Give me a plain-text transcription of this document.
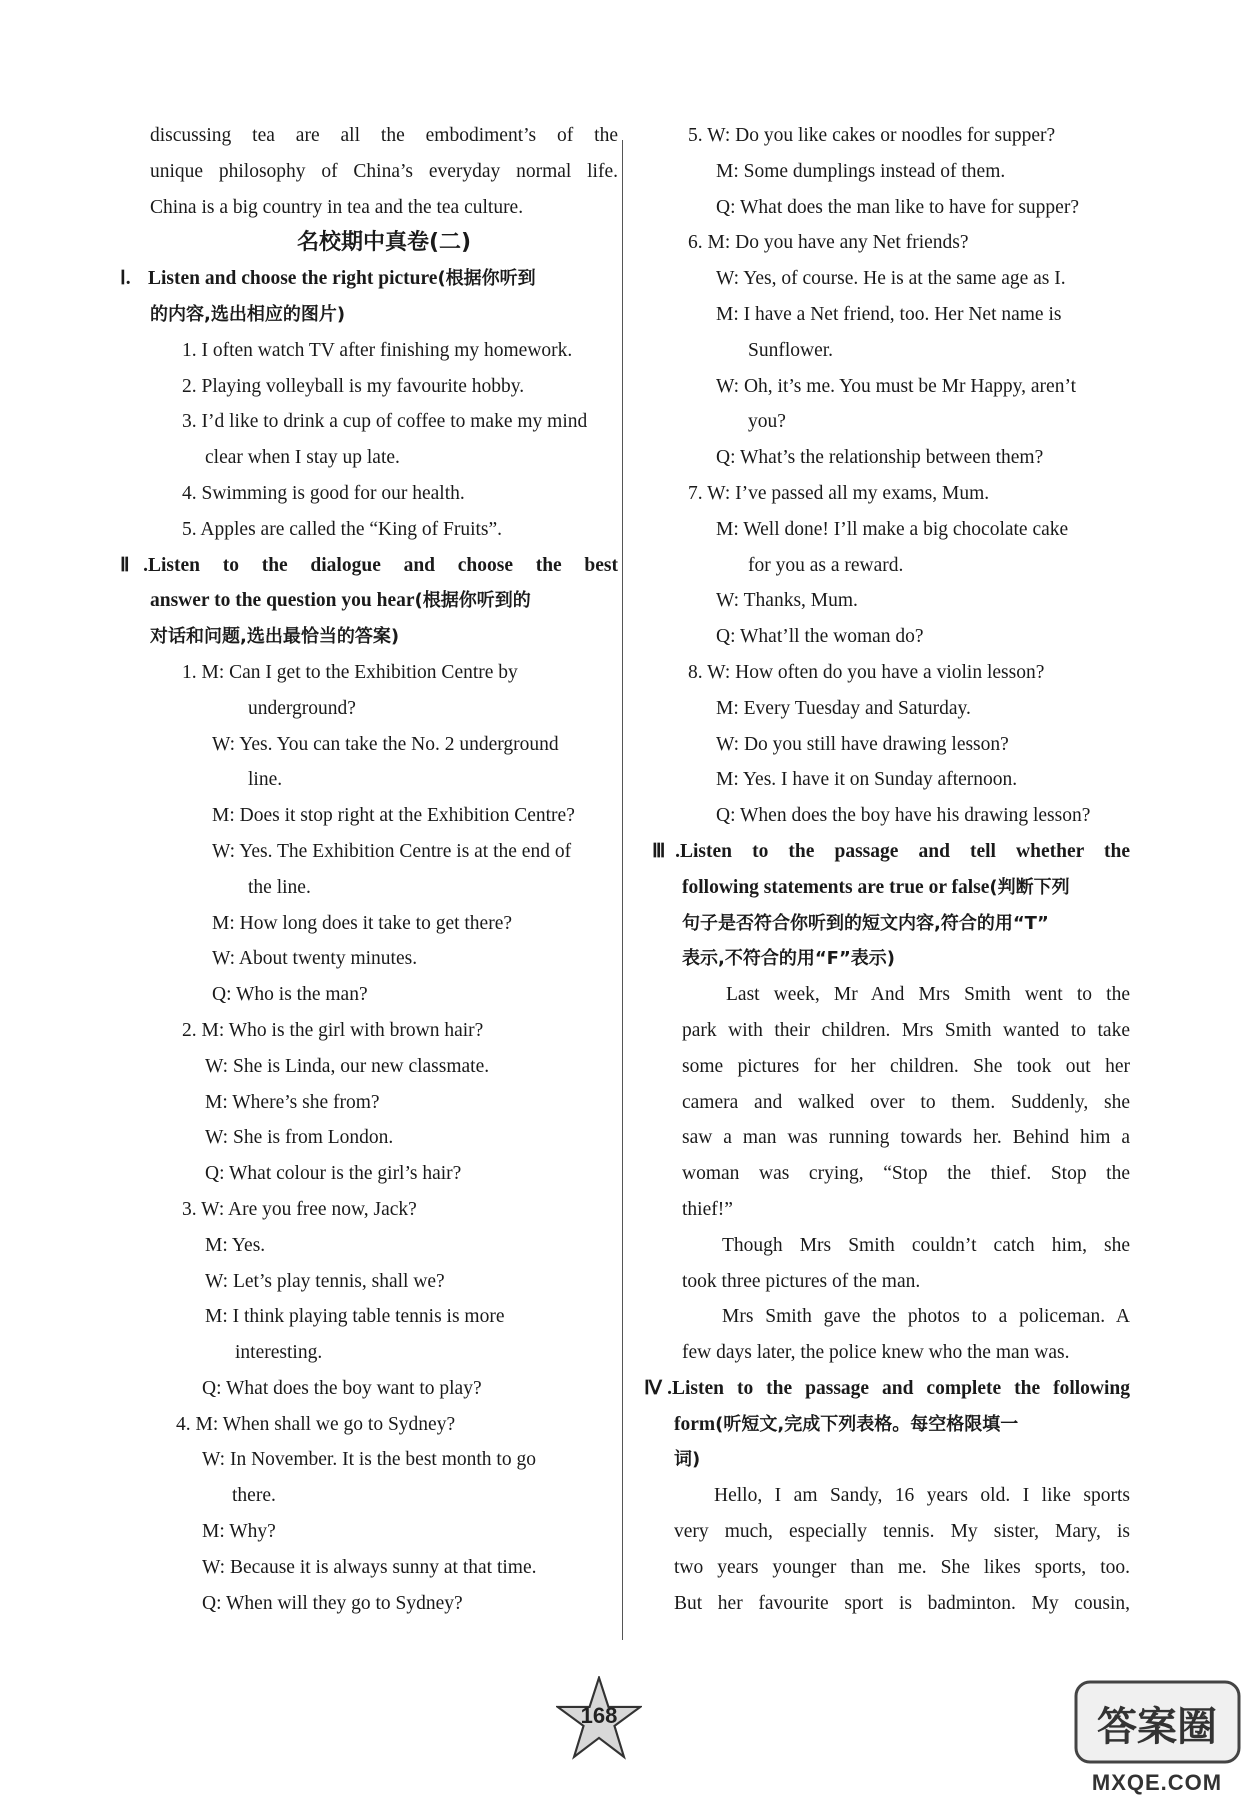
discussing tea are all the embodiment’s of the
unique philosophy of China’s everyday normal life.
China is a big country in tea and the tea culture.
名校期中真卷(二)
Ⅰ. Listen and choose the right picture(根据你听到
的内容,选出相应的图片)
1. I often watch TV after finishing my homework.
2. Playing volleyball is my favourite hobby.
3. I’d like to drink a cup of coffee to make my mind
clear when I stay up late.
4. Swimming is good for our health.
5. Apples are called the “King of Fruits”.
Ⅱ.Listen to the dialogue and choose the best
answer to the question you hear(根据你听到的
对话和问题,选出最恰当的答案)
1. M: Can I get to the Exhibition Centre by
underground?
W: Yes. You can take the No. 2 underground
line.
M: Does it stop right at the Exhibition Centre?
W: Yes. The Exhibition Centre is at the end of
the line.
M: How long does it take to get there?
W: About twenty minutes.
Q: Who is the man?
2. M: Who is the girl with brown hair?
W: She is Linda, our new classmate.
M: Where’s she from?
W: She is from London.
Q: What colour is the girl’s hair?
3. W: Are you free now, Jack?
M: Yes.
W: Let’s play tennis, shall we?
M: I think playing table tennis is more
interesting.
Q: What does the boy want to play?
4. M: When shall we go to Sydney?
W: In November. It is the best month to go
there.
M: Why?
W: Because it is always sunny at that time.
Q: When will they go to Sydney?
5. W: Do you like cakes or noodles for supper?
M: Some dumplings instead of them.
Q: What does the man like to have for supper?
6. M: Do you have any Net friends?
W: Yes, of course. He is at the same age as I.
M: I have a Net friend, too. Her Net name is
Sunflower.
W: Oh, it’s me. You must be Mr Happy, aren’t
you?
Q: What’s the relationship between them?
7. W: I’ve passed all my exams, Mum.
M: Well done! I’ll make a big chocolate cake
for you as a reward.
W: Thanks, Mum.
Q: What’ll the woman do?
8. W: How often do you have a violin lesson?
M: Every Tuesday and Saturday.
W: Do you still have drawing lesson?
M: Yes. I have it on Sunday afternoon.
Q: When does the boy have his drawing lesson?
Ⅲ.Listen to the passage and tell whether the
following statements are true or false(判断下列
句子是否符合你听到的短文内容,符合的用“T”
表示,不符合的用“F”表示)
Last week, Mr And Mrs Smith went to the
park with their children. Mrs Smith wanted to take
some pictures for her children. She took out her
camera and walked over to them. Suddenly, she
saw a man was running towards her. Behind him a
woman was crying, “Stop the thief. Stop the
thief!”
Though Mrs Smith couldn’t catch him, she
took three pictures of the man.
Mrs Smith gave the photos to a policeman. A
few days later, the police knew who the man was.
Ⅳ.Listen to the passage and complete the following
form(听短文,完成下列表格。每空格限填一
词)
Hello, I am Sandy, 16 years old. I like sports
very much, especially tennis. My sister, Mary, is
two years younger than me. She likes sports, too.
But her favourite sport is badminton. My cousin,
168	答案圈
MXQE.COM
